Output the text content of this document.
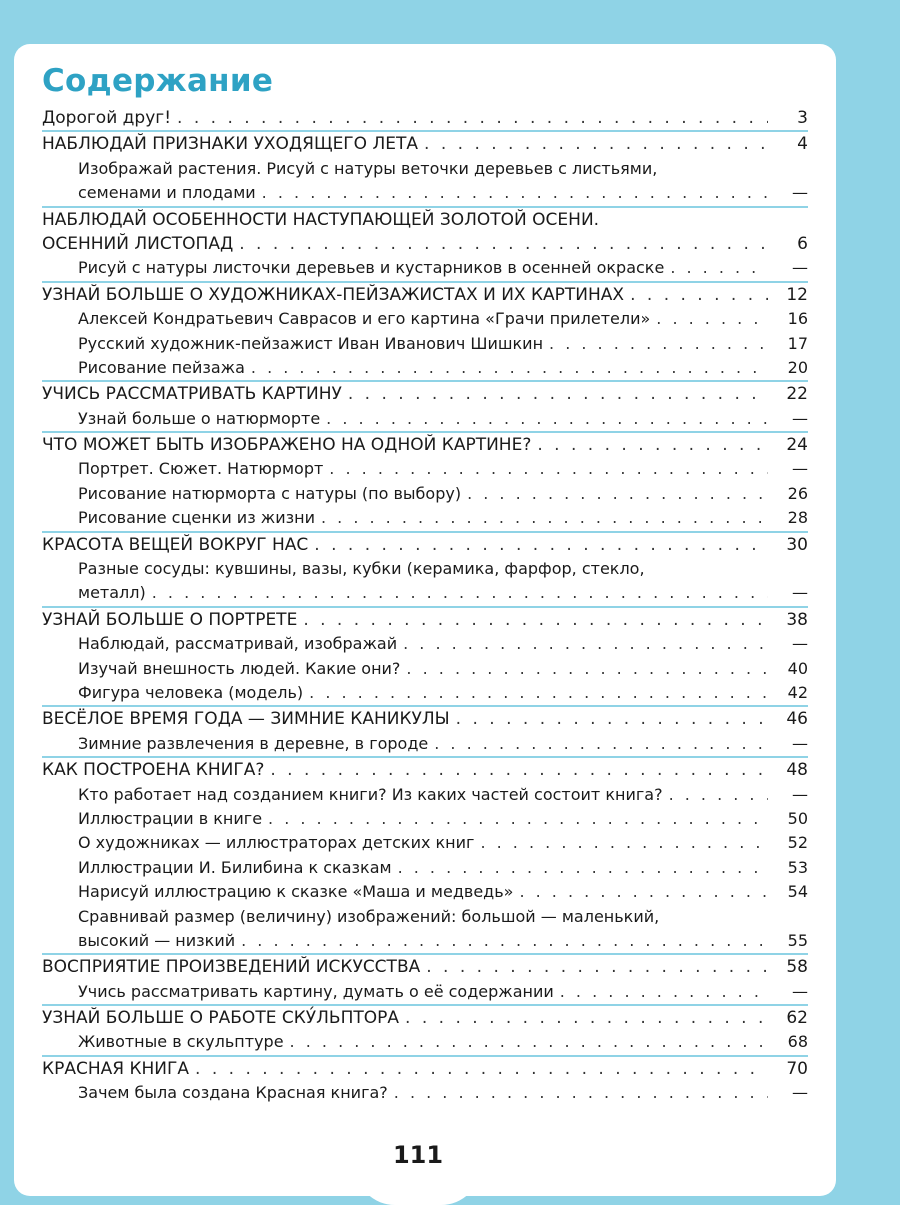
Содержание
Дорогой друг! . . .	3
НАБЛЮДАЙ ПРИЗНАКИ УХОДЯЩЕГО ЛЕТА . . .	4
Изображай растения. Рисуй с натуры веточки деревьев с листьями,
семенами и плодами . . .	—
НАБЛЮДАЙ ОСОБЕННОСТИ НАСТУПАЮЩЕЙ ЗОЛОТОЙ ОСЕНИ.
ОСЕННИЙ ЛИСТОПАД . . .	6
Рисуй с натуры листочки деревьев и кустарников в осенней окраске . . .	—
УЗНАЙ БОЛЬШЕ О ХУДОЖНИКАХ-ПЕЙЗАЖИСТАХ И ИХ КАРТИНАХ . . .	12
Алексей Кондратьевич Саврасов и его картина «Грачи прилетели» . . .	16
Русский художник-пейзажист Иван Иванович Шишкин . . .	17
Рисование пейзажа . . .	20
УЧИСЬ РАССМАТРИВАТЬ КАРТИНУ . . .	22
Узнай больше о натюрморте . . .	—
ЧТО МОЖЕТ БЫТЬ ИЗОБРАЖЕНО НА ОДНОЙ КАРТИНЕ? . . .	24
Портрет. Сюжет. Натюрморт . . .	—
Рисование натюрморта с натуры (по выбору) . . .	26
Рисование сценки из жизни . . .	28
КРАСОТА ВЕЩЕЙ ВОКРУГ НАС . . .	30
Разные сосуды: кувшины, вазы, кубки (керамика, фарфор, стекло,
металл) . . .	—
УЗНАЙ БОЛЬШЕ О ПОРТРЕТЕ . . .	38
Наблюдай, рассматривай, изображай . . .	—
Изучай внешность людей. Какие они? . . .	40
Фигура человека (модель) . . .	42
ВЕСЁЛОЕ ВРЕМЯ ГОДА — ЗИМНИЕ КАНИКУЛЫ . . .	46
Зимние развлечения в деревне, в городе . . .	—
КАК ПОСТРОЕНА КНИГА? . . .	48
Кто работает над созданием книги? Из каких частей состоит книга? . . .	—
Иллюстрации в книге . . .	50
О художниках — иллюстраторах детских книг . . .	52
Иллюстрации И. Билибина к сказкам . . .	53
Нарисуй иллюстрацию к сказке «Маша и медведь» . . .	54
Сравнивай размер (величину) изображений: большой — маленький,
высокий — низкий . . .	55
ВОСПРИЯТИЕ ПРОИЗВЕДЕНИЙ ИСКУССТВА . . .	58
Учись рассматривать картину, думать о её содержании . . .	—
УЗНАЙ БОЛЬШЕ О РАБОТЕ СКУ́ЛЬПТОРА . . .	62
Животные в скульптуре . . .	68
КРАСНАЯ КНИГА . . .	70
Зачем была создана Красная книга? . . .	—
111
